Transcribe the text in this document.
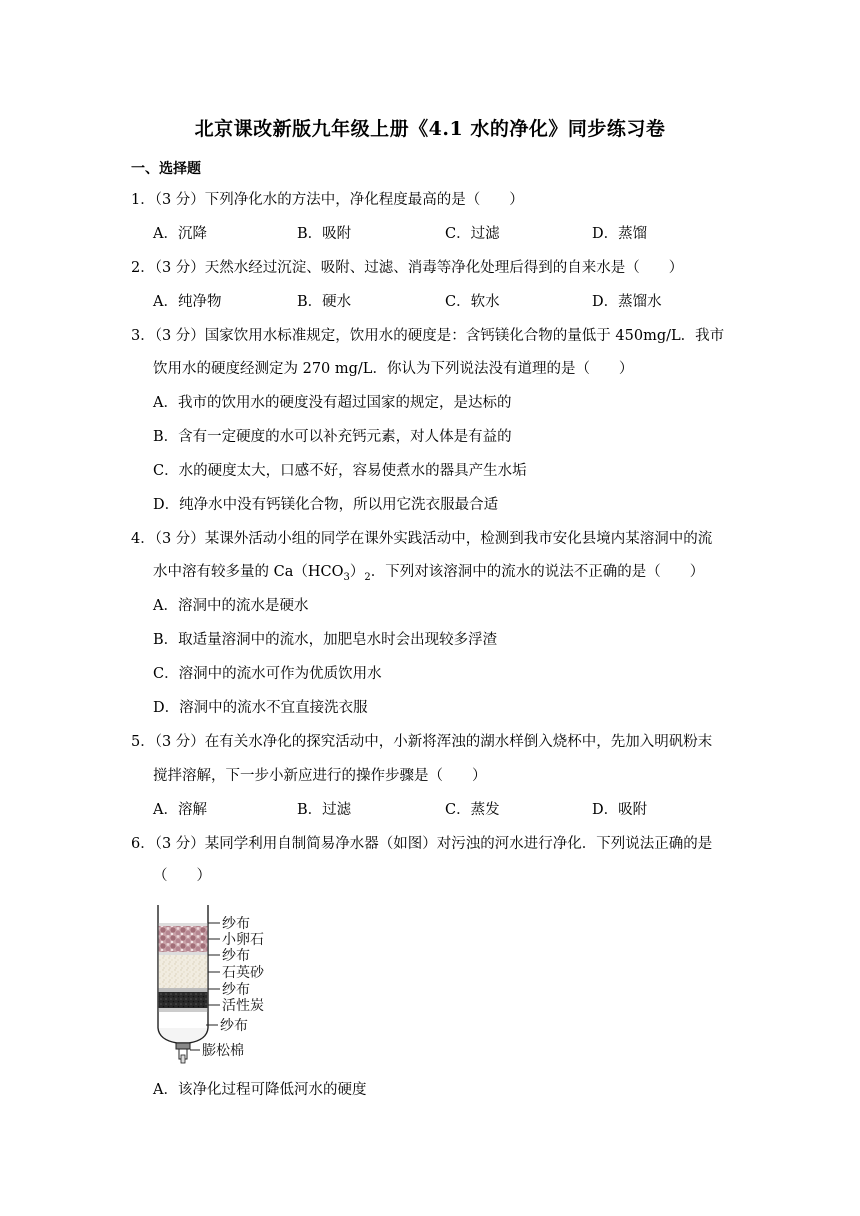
北京课改新版九年级上册《4.1 水的净化》同步练习卷
一、选择题
1．（3 分）下列净化水的方法中，净化程度最高的是（　　）
A．沉降	B．吸附	C．过滤	D．蒸馏
2．（3 分）天然水经过沉淀、吸附、过滤、消毒等净化处理后得到的自来水是（　　）
A．纯净物	B．硬水	C．软水	D．蒸馏水
3．（3 分）国家饮用水标准规定，饮用水的硬度是：含钙镁化合物的量低于 450mg/L．我市
饮用水的硬度经测定为 270 mg/L．你认为下列说法没有道理的是（　　）
A．我市的饮用水的硬度没有超过国家的规定，是达标的
B．含有一定硬度的水可以补充钙元素，对人体是有益的
C．水的硬度太大，口感不好，容易使煮水的器具产生水垢
D．纯净水中没有钙镁化合物，所以用它洗衣服最合适
4．（3 分）某课外活动小组的同学在课外实践活动中，检测到我市安化县境内某溶洞中的流
水中溶有较多量的 $Ca(HCO_3)_2$．下列对该溶洞中的流水的说法不正确的是（　　）
A．溶洞中的流水是硬水
B．取适量溶洞中的流水，加肥皂水时会出现较多浮渣
C．溶洞中的流水可作为优质饮用水
D．溶洞中的流水不宜直接洗衣服
5．（3 分）在有关水净化的探究活动中，小新将浑浊的湖水样倒入烧杯中，先加入明矾粉末
搅拌溶解，下一步小新应进行的操作步骤是（　　）
A．溶解	B．过滤	C．蒸发	D．吸附
6．（3 分）某同学利用自制简易净水器（如图）对污浊的河水进行净化．下列说法正确的是
（　　）
纱布
小卵石
纱布
石英砂
纱布
活性炭
纱布
膨松棉
A．该净化过程可降低河水的硬度
